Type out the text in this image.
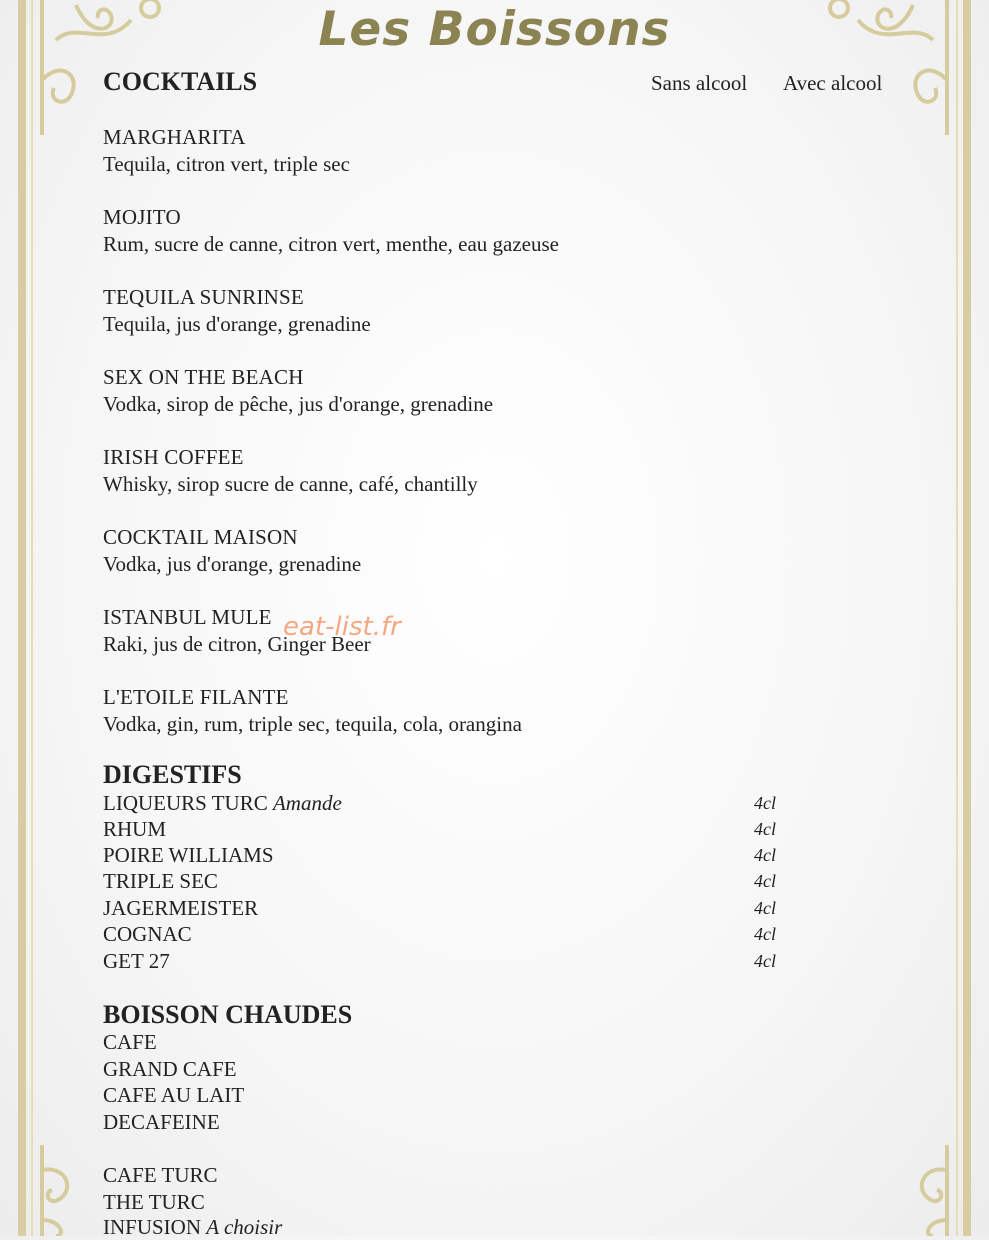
Les Boissons
COCKTAILS	Sans alcool Avec alcool
MARGHARITA
Tequila, citron vert, triple sec
MOJITO
Rum, sucre de canne, citron vert, menthe, eau gazeuse
TEQUILA SUNRINSE
Tequila, jus d'orange, grenadine
SEX ON THE BEACH
Vodka, sirop de pêche, jus d'orange, grenadine
IRISH COFFEE
Whisky, sirop sucre de canne, café, chantilly
COCKTAIL MAISON
Vodka, jus d'orange, grenadine
ISTANBUL MULE
Raki, jus de citron, Ginger Beer
L'ETOILE FILANTE
Vodka, gin, rum, triple sec, tequila, cola, orangina
eat-list.fr
DIGESTIFS
LIQUEURS TURC Amande	4cl
RHUM	4cl
POIRE WILLIAMS	4cl
TRIPLE SEC	4cl
JAGERMEISTER	4cl
COGNAC	4cl
GET 27	4cl
BOISSON CHAUDES
CAFE
GRAND CAFE
CAFE AU LAIT
DECAFEINE
CAFE TURC
THE TURC
INFUSION A choisir
